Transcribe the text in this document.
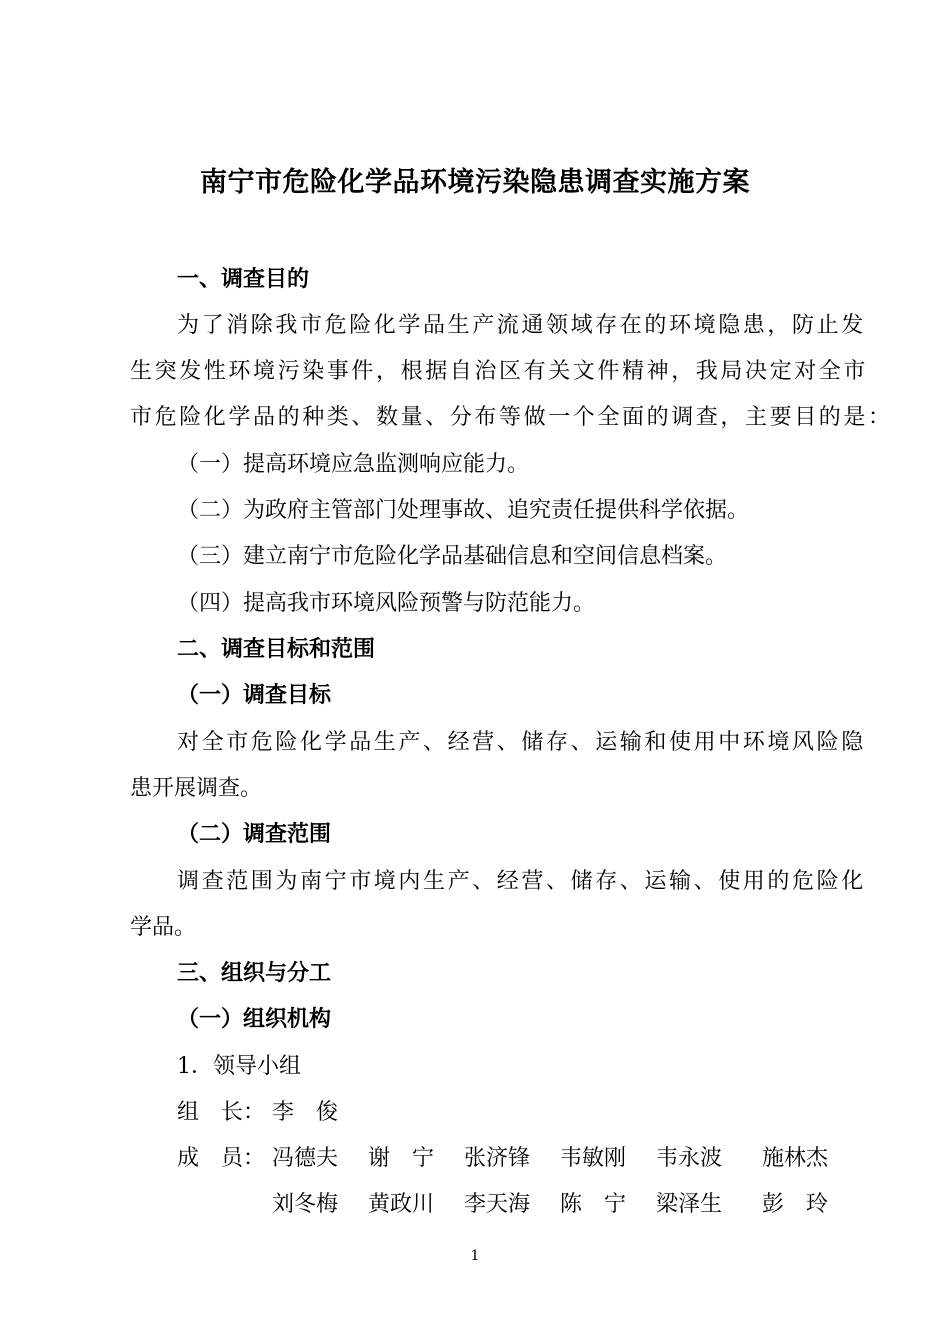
南宁市危险化学品环境污染隐患调查实施方案
一、调查目的
为了消除我市危险化学品生产流通领域存在的环境隐患，防止发
生突发性环境污染事件，根据自治区有关文件精神，我局决定对全市
市危险化学品的种类、数量、分布等做一个全面的调查，主要目的是：
（一）提高环境应急监测响应能力。
（二）为政府主管部门处理事故、追究责任提供科学依据。
（三）建立南宁市危险化学品基础信息和空间信息档案。
（四）提高我市环境风险预警与防范能力。
二、调查目标和范围
（一）调查目标
对全市危险化学品生产、经营、储存、运输和使用中环境风险隐
患开展调查。
（二）调查范围
调查范围为南宁市境内生产、经营、储存、运输、使用的危险化
学品。
三、组织与分工
（一）组织机构
1．领导小组
组　长： 李　俊
成　员： 冯德夫 谢　宁 张济锋 韦敏刚 韦永波 施林杰
刘冬梅 黄政川 李天海 陈　宁 梁泽生 彭　玲
1
